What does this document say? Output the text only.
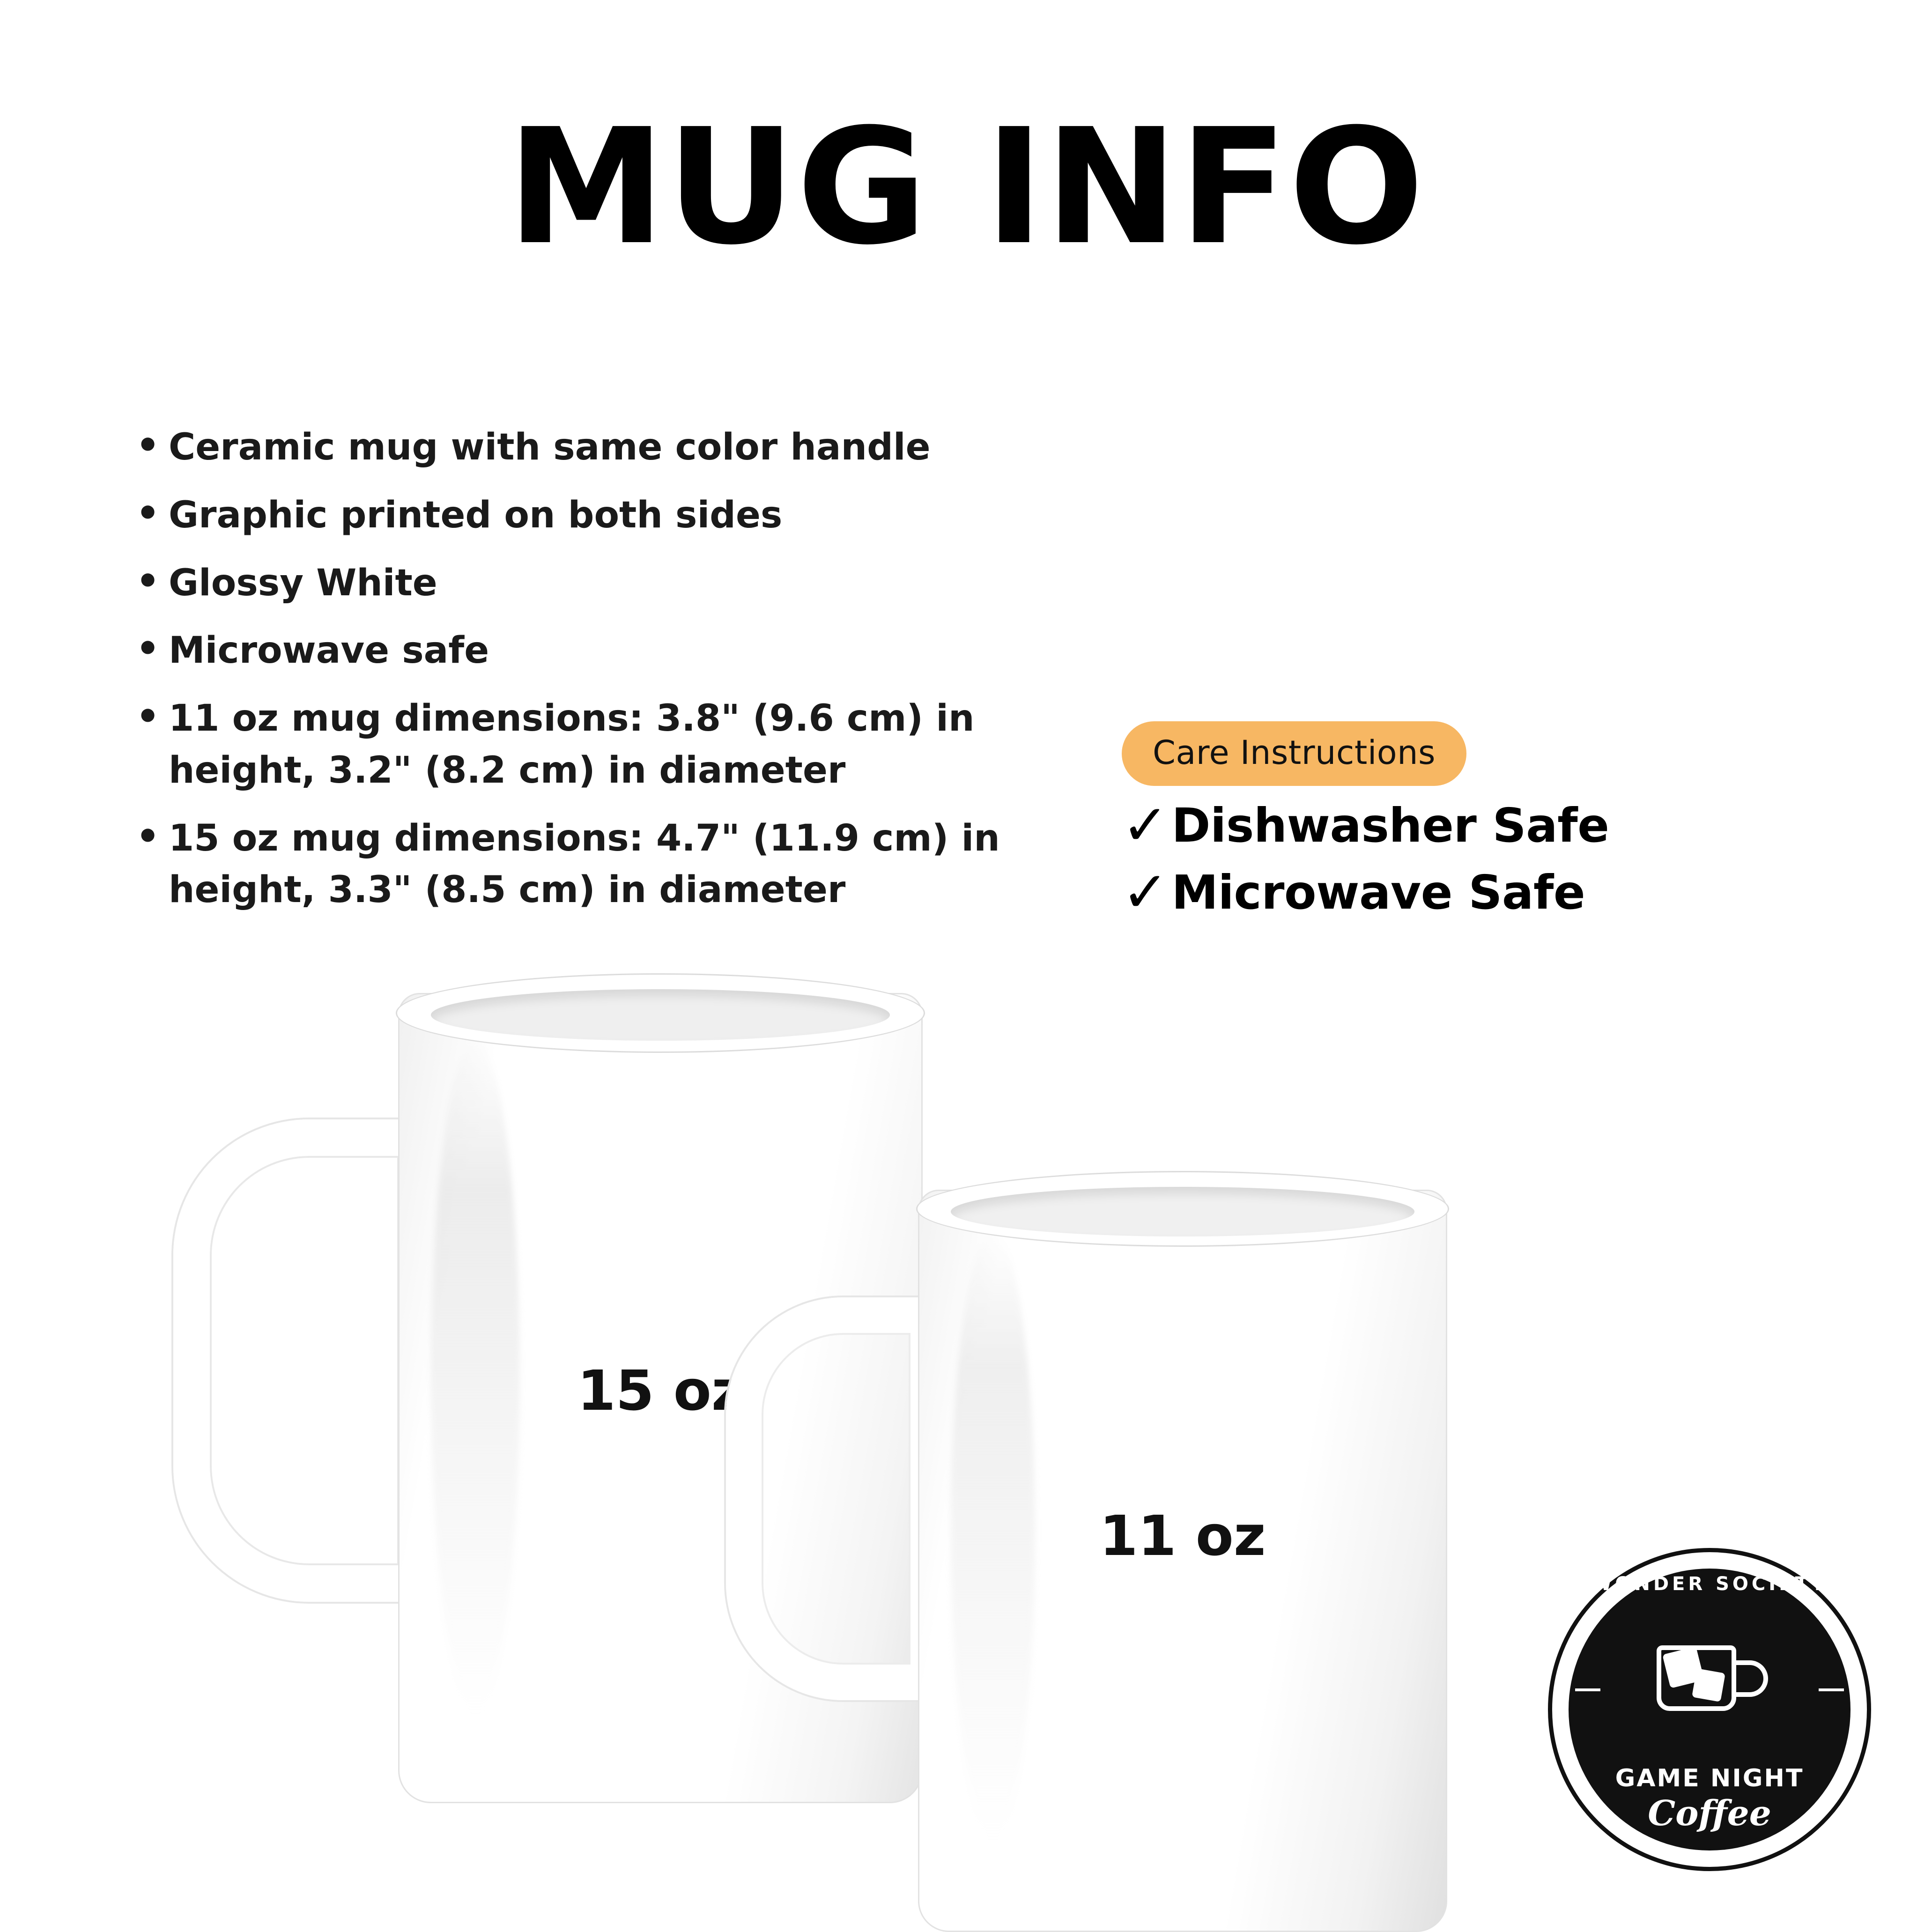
MUG INFO
• Ceramic mug with same color handle
• Graphic printed on both sides
• Glossy White
• Microwave safe
• 11 oz mug dimensions: 3.8" (9.6 cm) in height, 3.2" (8.2 cm) in diameter
• 15 oz mug dimensions: 4.7" (11.9 cm) in height, 3.3" (8.5 cm) in diameter
Care Instructions
✓ Dishwasher Safe
✓ Microwave Safe
15 oz
11 oz
WONDER SOCIETY
GAME NIGHT
Coffee
